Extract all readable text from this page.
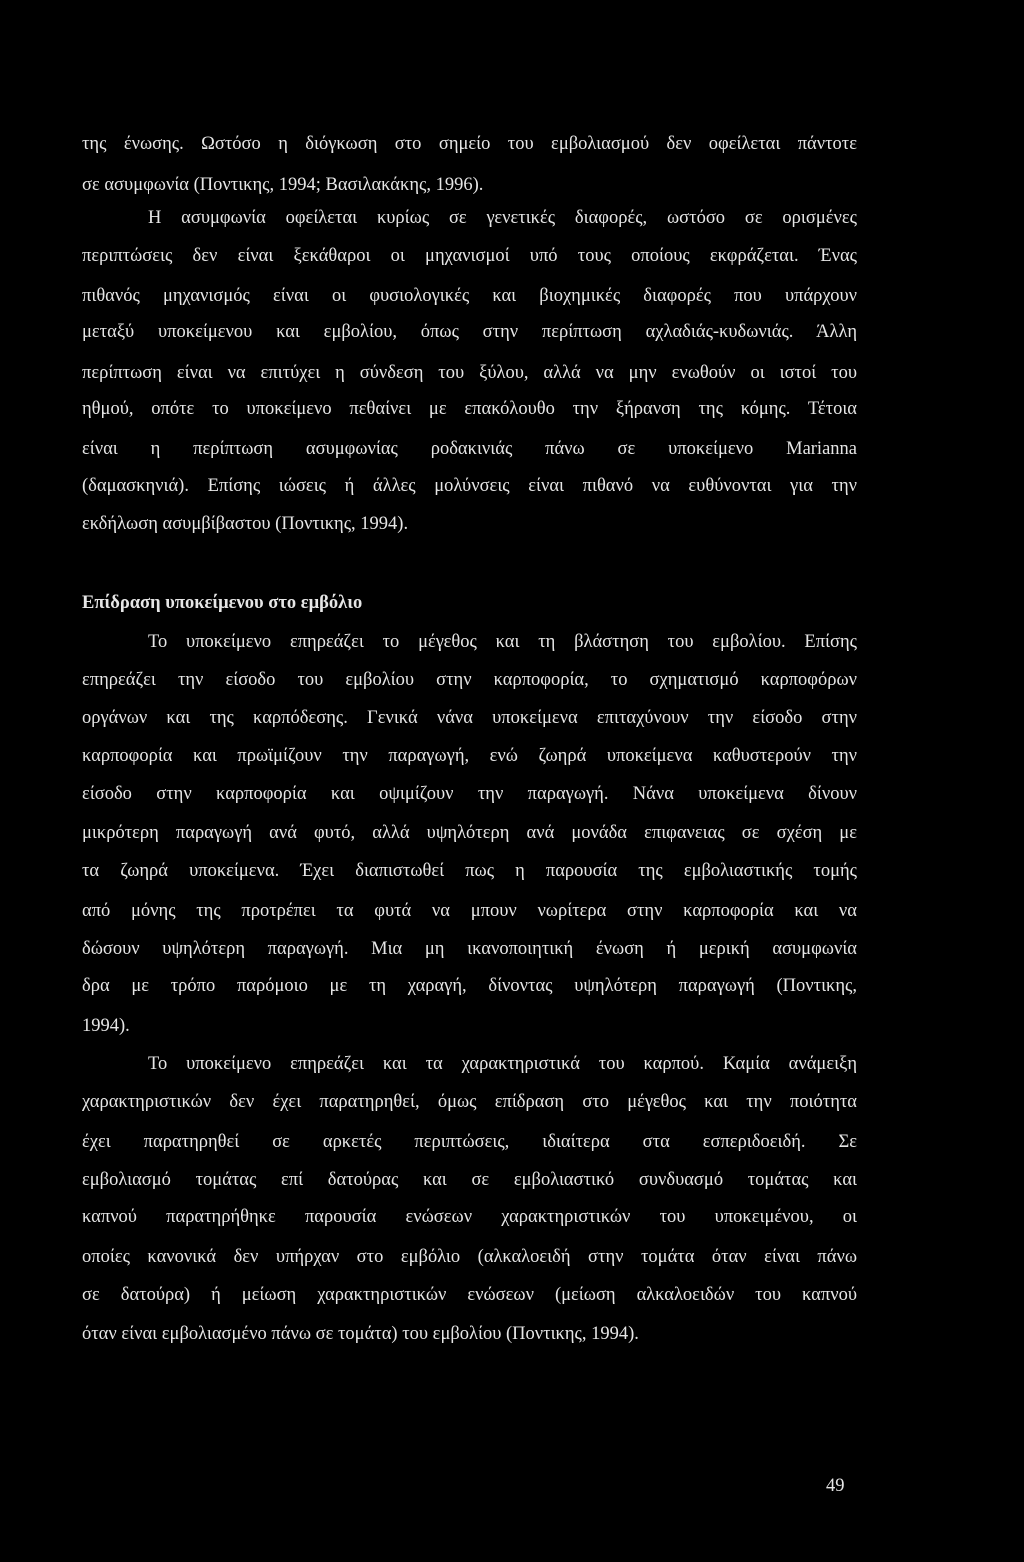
της ένωσης. Ωστόσο η διόγκωση στο σημείο του εμβολιασμού δεν οφείλεται πάντοτε
σε ασυμφωνία (Ποντικης, 1994; Βασιλακάκης, 1996).
Η ασυμφωνία οφείλεται κυρίως σε γενετικές διαφορές, ωστόσο σε ορισμένες
περιπτώσεις δεν είναι ξεκάθαροι οι μηχανισμοί υπό τους οποίους εκφράζεται. Ένας
πιθανός μηχανισμός είναι οι φυσιολογικές και βιοχημικές διαφορές που υπάρχουν
μεταξύ υποκείμενου και εμβολίου, όπως στην περίπτωση αχλαδιάς-κυδωνιάς. Άλλη
περίπτωση είναι να επιτύχει η σύνδεση του ξύλου, αλλά να μην ενωθούν οι ιστοί του
ηθμού, οπότε το υποκείμενο πεθαίνει με επακόλουθο την ξήρανση της κόμης. Τέτοια
είναι η περίπτωση ασυμφωνίας ροδακινιάς πάνω σε υποκείμενο Marianna
(δαμασκηνιά). Επίσης ιώσεις ή άλλες μολύνσεις είναι πιθανό να ευθύνονται για την
εκδήλωση ασυμβίβαστου (Ποντικης, 1994).
Επίδραση υποκείμενου στο εμβόλιο
Το υποκείμενο επηρεάζει το μέγεθος και τη βλάστηση του εμβολίου. Επίσης
επηρεάζει την είσοδο του εμβολίου στην καρποφορία, το σχηματισμό καρποφόρων
οργάνων και της καρπόδεσης. Γενικά νάνα υποκείμενα επιταχύνουν την είσοδο στην
καρποφορία και πρωϊμίζουν την παραγωγή, ενώ ζωηρά υποκείμενα καθυστερούν την
είσοδο στην καρποφορία και οψιμίζουν την παραγωγή. Νάνα υποκείμενα δίνουν
μικρότερη παραγωγή ανά φυτό, αλλά υψηλότερη ανά μονάδα επιφανειας σε σχέση με
τα ζωηρά υποκείμενα. Έχει διαπιστωθεί πως η παρουσία της εμβολιαστικής τομής
από μόνης της προτρέπει τα φυτά να μπουν νωρίτερα στην καρποφορία και να
δώσουν υψηλότερη παραγωγή. Μια μη ικανοποιητική ένωση ή μερική ασυμφωνία
δρα με τρόπο παρόμοιο με τη χαραγή, δίνοντας υψηλότερη παραγωγή (Ποντικης,
1994).
Το υποκείμενο επηρεάζει και τα χαρακτηριστικά του καρπού. Καμία ανάμειξη
χαρακτηριστικών δεν έχει παρατηρηθεί, όμως επίδραση στο μέγεθος και την ποιότητα
έχει παρατηρηθεί σε αρκετές περιπτώσεις, ιδιαίτερα στα εσπεριδοειδή. Σε
εμβολιασμό τομάτας επί δατούρας και σε εμβολιαστικό συνδυασμό τομάτας και
καπνού παρατηρήθηκε παρουσία ενώσεων χαρακτηριστικών του υποκειμένου, οι
οποίες κανονικά δεν υπήρχαν στο εμβόλιο (αλκαλοειδή στην τομάτα όταν είναι πάνω
σε δατούρα) ή μείωση χαρακτηριστικών ενώσεων (μείωση αλκαλοειδών του καπνού
όταν είναι εμβολιασμένο πάνω σε τομάτα) του εμβολίου (Ποντικης, 1994).
49
